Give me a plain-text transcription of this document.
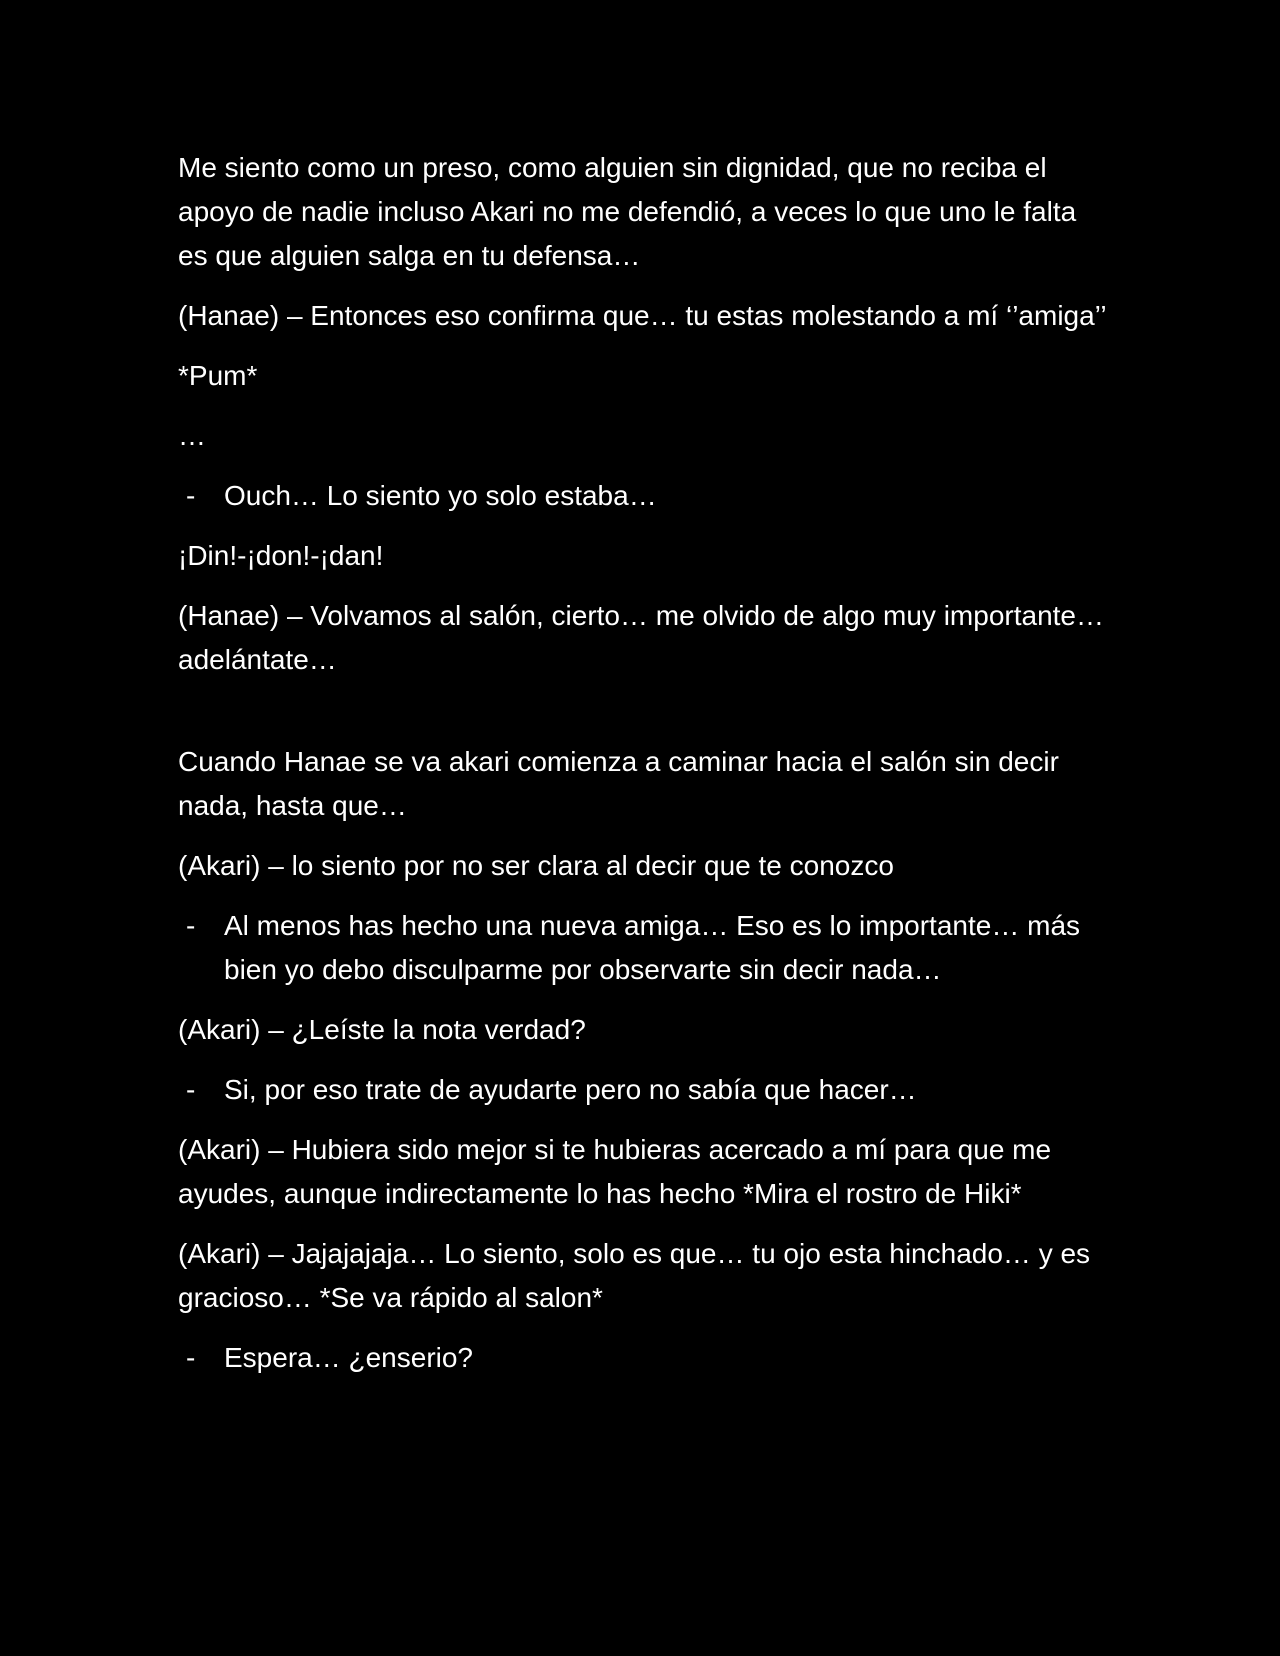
Me siento como un preso, como alguien sin dignidad, que no reciba el apoyo de nadie incluso Akari no me defendió, a veces lo que uno le falta es que alguien salga en tu defensa…

(Hanae) – Entonces eso confirma que… tu estas molestando a mí ‘’amiga’’

*Pum*

…

-	Ouch… Lo siento yo solo estaba…

¡Din!-¡don!-¡dan!

(Hanae) – Volvamos al salón, cierto… me olvido de algo muy importante… adelántate…

Cuando Hanae se va akari comienza a caminar hacia el salón sin decir nada, hasta que…

(Akari) – lo siento por no ser clara al decir que te conozco

-	Al menos has hecho una nueva amiga… Eso es lo importante… más bien yo debo disculparme por observarte sin decir nada…

(Akari) – ¿Leíste la nota verdad?

-	Si, por eso trate de ayudarte pero no sabía que hacer…

(Akari) – Hubiera sido mejor si te hubieras acercado a mí para que me ayudes, aunque indirectamente lo has hecho *Mira el rostro de Hiki*

(Akari) – Jajajajaja… Lo siento, solo es que… tu ojo esta hinchado… y es gracioso… *Se va rápido al salon*

-	Espera… ¿enserio?
